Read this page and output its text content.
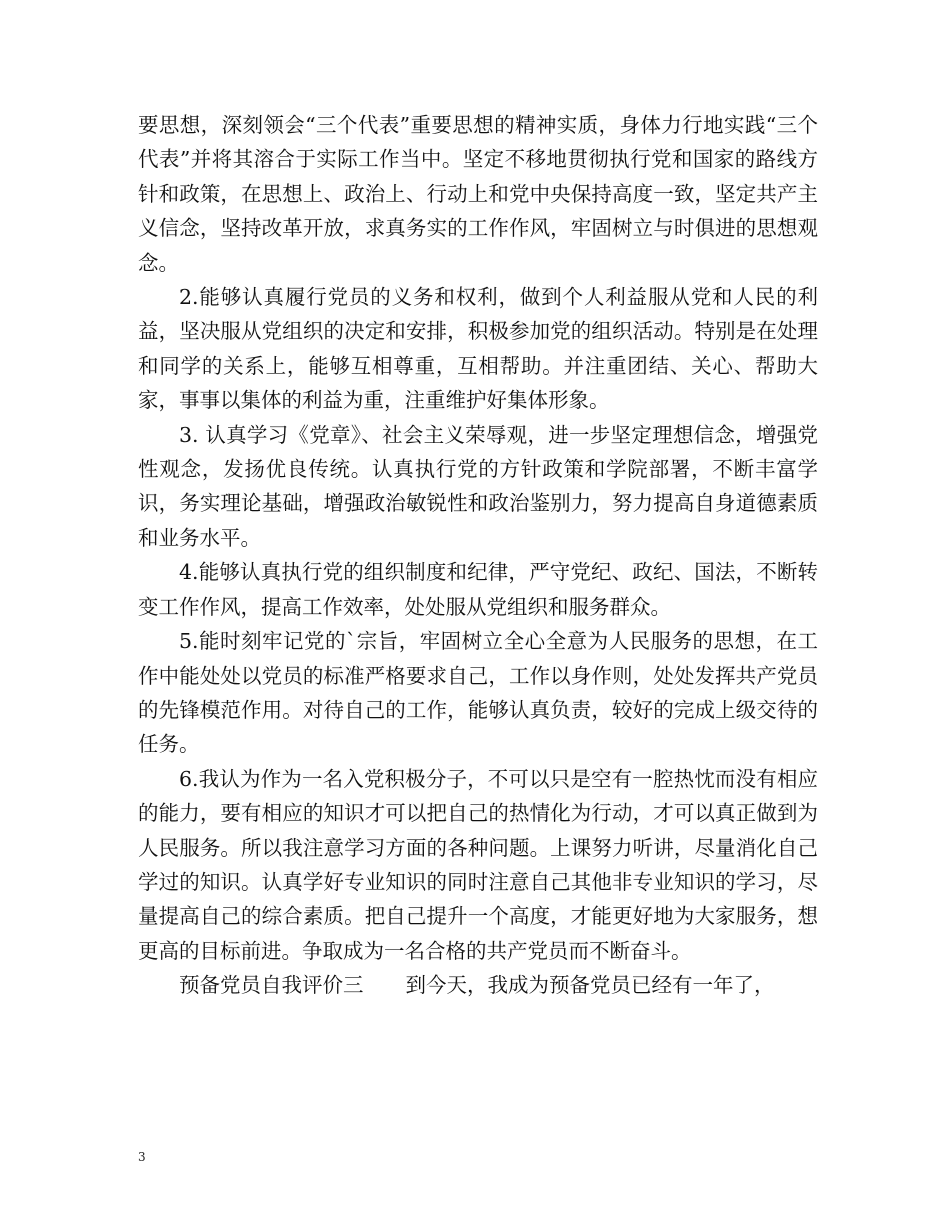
要思想，深刻领会“三个代表”重要思想的精神实质，身体力行地实践“三个代表”并将其溶合于实际工作当中。坚定不移地贯彻执行党和国家的路线方针和政策，在思想上、政治上、行动上和党中央保持高度一致，坚定共产主义信念，坚持改革开放，求真务实的工作作风，牢固树立与时俱进的思想观念。

2.能够认真履行党员的义务和权利，做到个人利益服从党和人民的利益，坚决服从党组织的决定和安排，积极参加党的组织活动。特别是在处理和同学的关系上，能够互相尊重，互相帮助。并注重团结、关心、帮助大家，事事以集体的利益为重，注重维护好集体形象。

3. 认真学习《党章》、社会主义荣辱观，进一步坚定理想信念，增强党性观念，发扬优良传统。认真执行党的方针政策和学院部署，不断丰富学识，务实理论基础，增强政治敏锐性和政治鉴别力，努力提高自身道德素质和业务水平。

4.能够认真执行党的组织制度和纪律，严守党纪、政纪、国法，不断转变工作作风，提高工作效率，处处服从党组织和服务群众。

5.能时刻牢记党的`宗旨，牢固树立全心全意为人民服务的思想，在工作中能处处以党员的标准严格要求自己，工作以身作则，处处发挥共产党员的先锋模范作用。对待自己的工作，能够认真负责，较好的完成上级交待的任务。

6.我认为作为一名入党积极分子，不可以只是空有一腔热忱而没有相应的能力，要有相应的知识才可以把自己的热情化为行动，才可以真正做到为人民服务。所以我注意学习方面的各种问题。上课努力听讲，尽量消化自己学过的知识。认真学好专业知识的同时注意自己其他非专业知识的学习，尽量提高自己的综合素质。把自己提升一个高度，才能更好地为大家服务，想更高的目标前进。争取成为一名合格的共产党员而不断奋斗。

预备党员自我评价三 到今天，我成为预备党员已经有一年了，

3
